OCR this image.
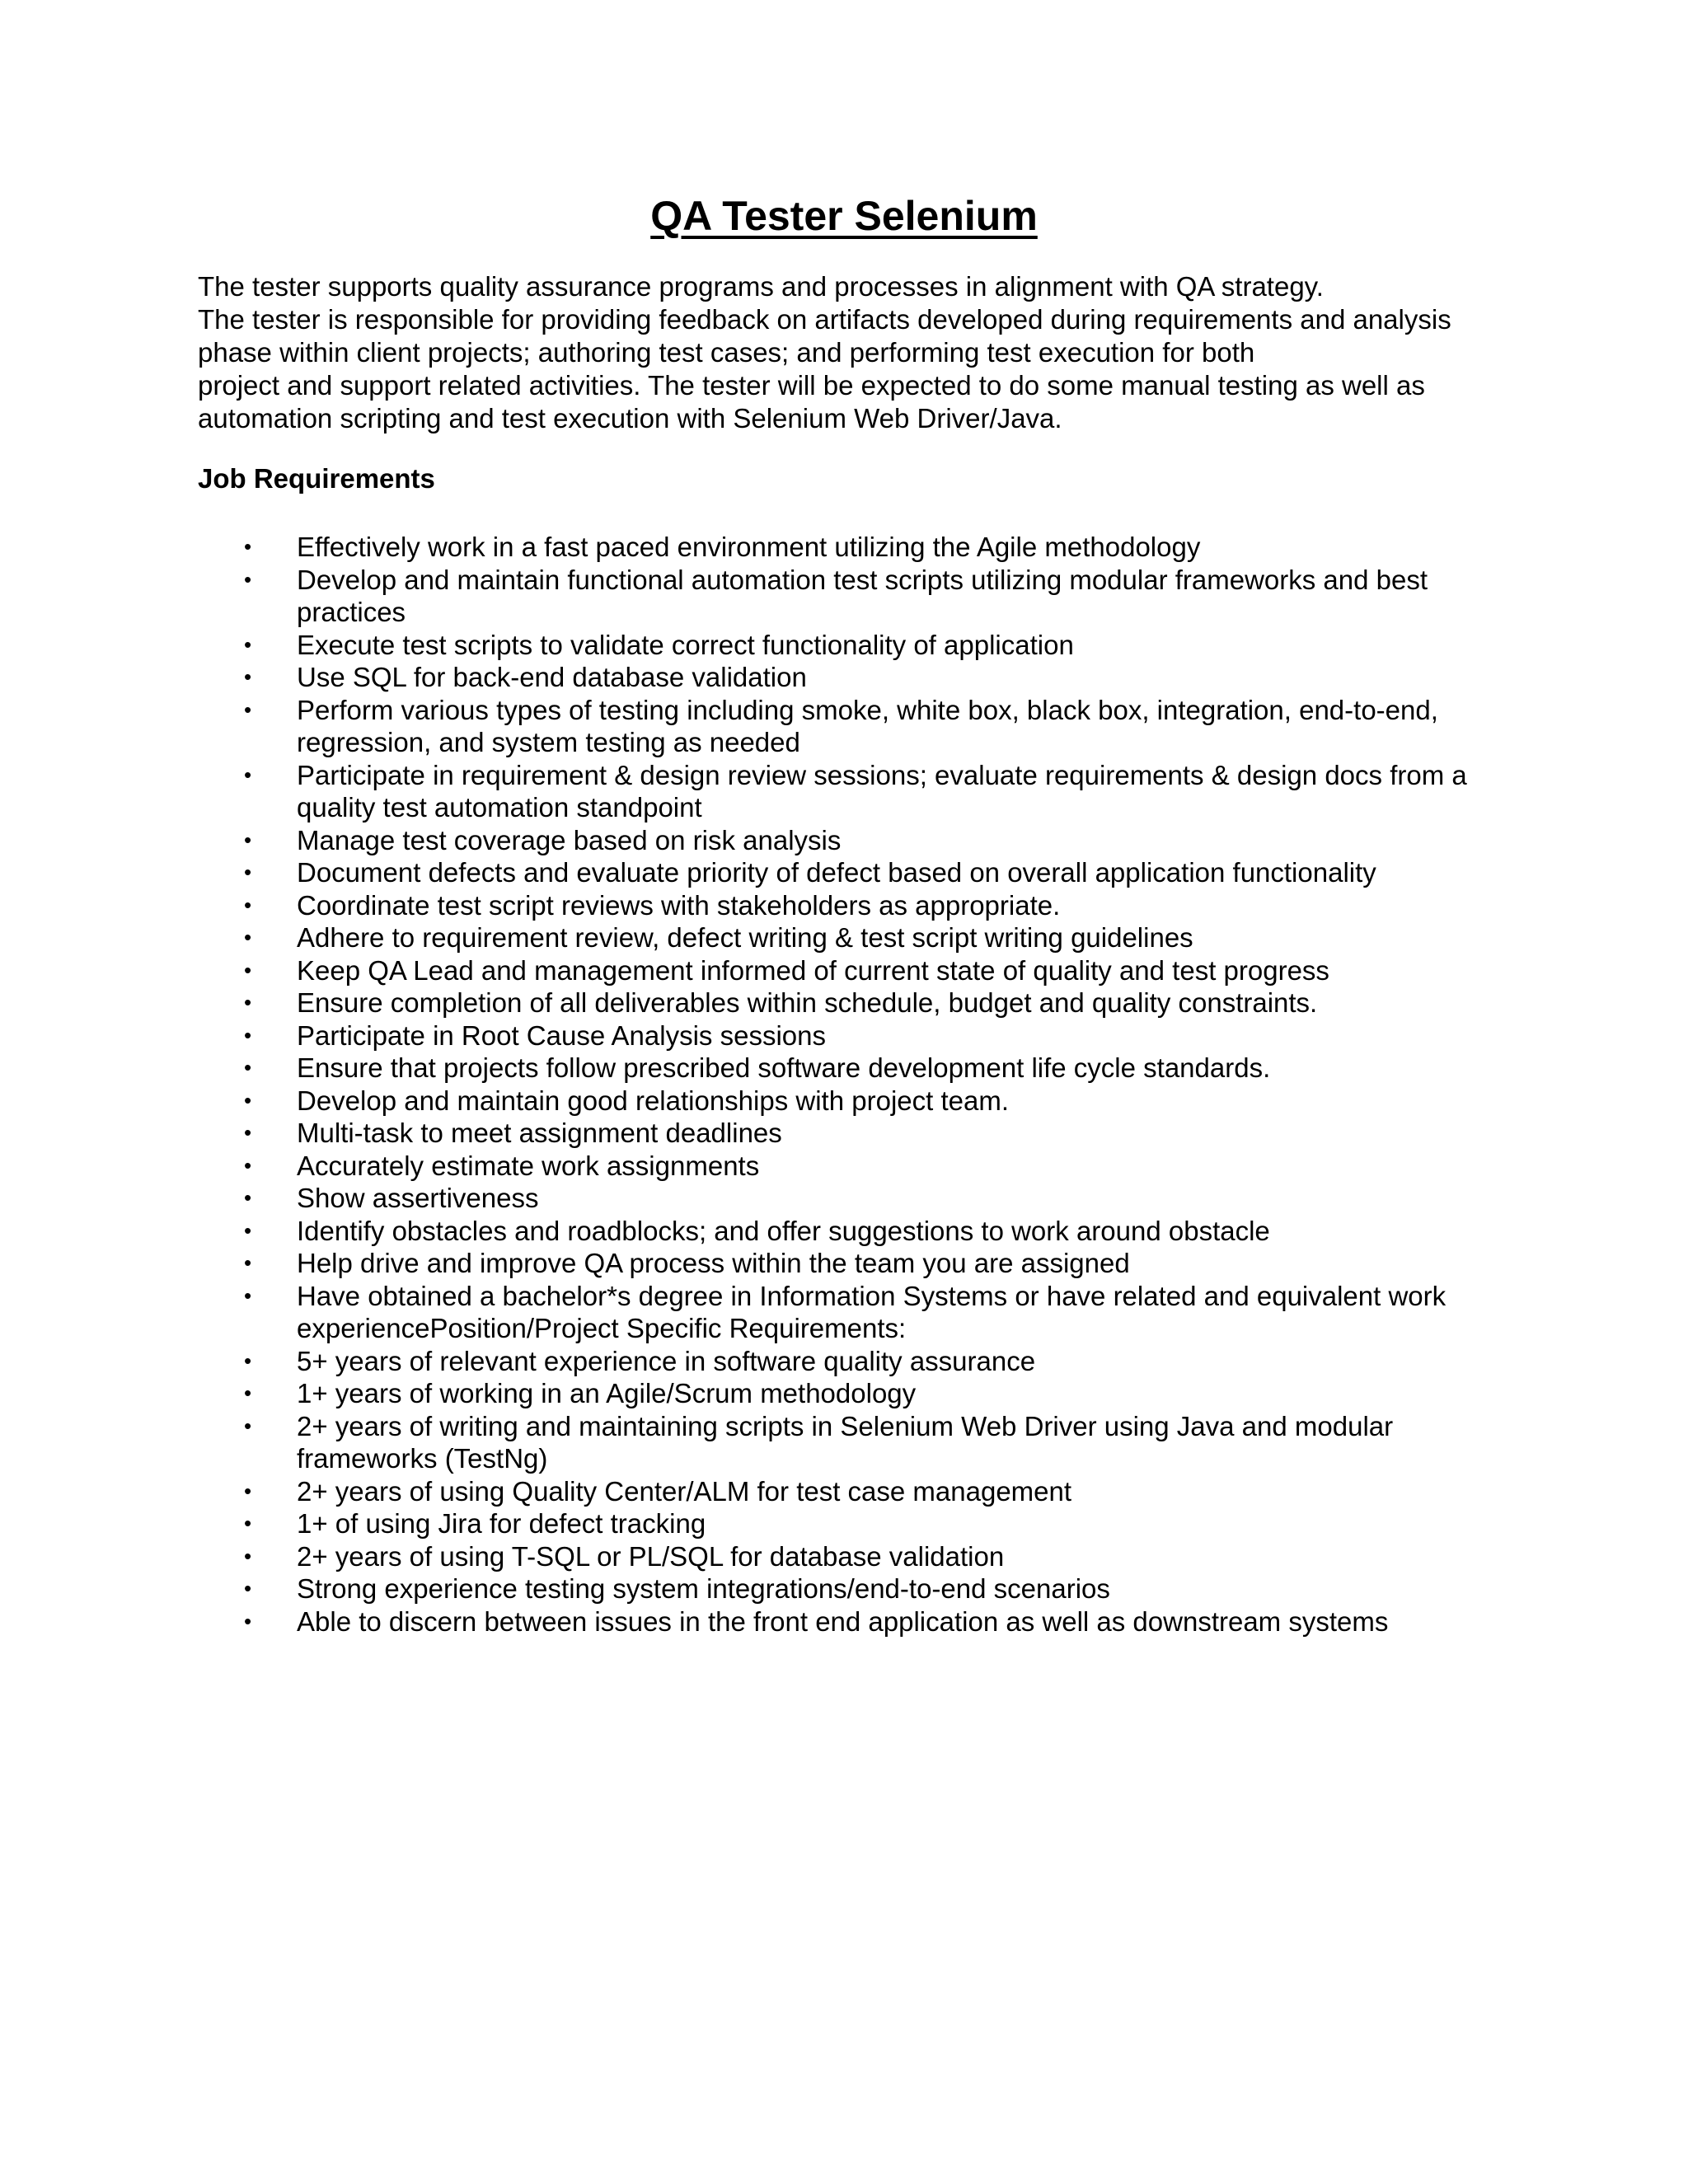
QA Tester Selenium

The tester supports quality assurance programs and processes in alignment with QA strategy.

The tester is responsible for providing feedback on artifacts developed during requirements and analysis

phase within client projects; authoring test cases; and performing test execution for both

project and support related activities. The tester will be expected to do some manual testing as well as

automation scripting and test execution with Selenium Web Driver/Java.

Job Requirements
• Effectively work in a fast paced environment utilizing the Agile methodology
• Develop and maintain functional automation test scripts utilizing modular frameworks and best
practices
• Execute test scripts to validate correct functionality of application
• Use SQL for back-end database validation
• Perform various types of testing including smoke, white box, black box, integration, end-to-end,
regression, and system testing as needed
• Participate in requirement & design review sessions; evaluate requirements & design docs from a
quality test automation standpoint
• Manage test coverage based on risk analysis
• Document defects and evaluate priority of defect based on overall application functionality
• Coordinate test script reviews with stakeholders as appropriate.
• Adhere to requirement review, defect writing & test script writing guidelines
• Keep QA Lead and management informed of current state of quality and test progress
• Ensure completion of all deliverables within schedule, budget and quality constraints.
• Participate in Root Cause Analysis sessions
• Ensure that projects follow prescribed software development life cycle standards.
• Develop and maintain good relationships with project team.
• Multi-task to meet assignment deadlines
• Accurately estimate work assignments
• Show assertiveness
• Identify obstacles and roadblocks; and offer suggestions to work around obstacle
• Help drive and improve QA process within the team you are assigned
• Have obtained a bachelor*s degree in Information Systems or have related and equivalent work
experiencePosition/Project Specific Requirements:
• 5+ years of relevant experience in software quality assurance
• 1+ years of working in an Agile/Scrum methodology
• 2+ years of writing and maintaining scripts in Selenium Web Driver using Java and modular
frameworks (TestNg)
• 2+ years of using Quality Center/ALM for test case management
• 1+ of using Jira for defect tracking
• 2+ years of using T-SQL or PL/SQL for database validation
• Strong experience testing system integrations/end-to-end scenarios
• Able to discern between issues in the front end application as well as downstream systems
